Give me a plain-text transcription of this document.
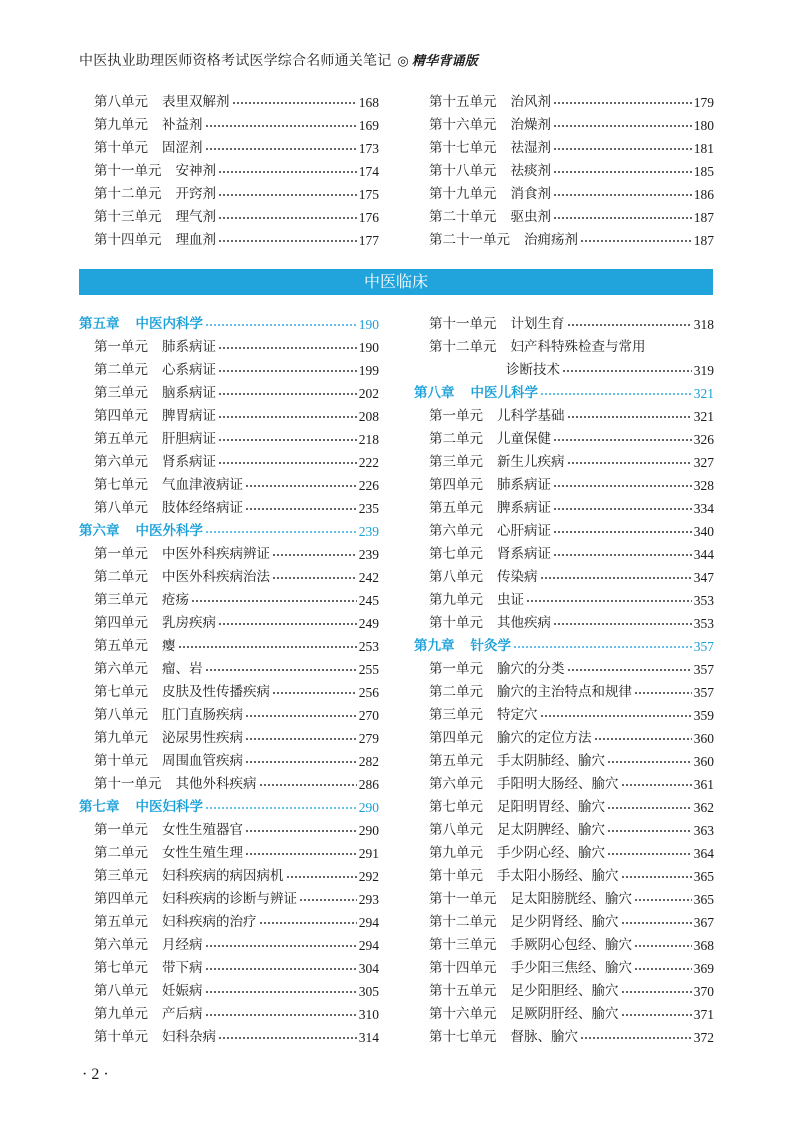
中医执业助理医师资格考试医学综合名师通关笔记 ◎ 精华背诵版
第八单元 表里双解剂	168
第九单元 补益剂	169
第十单元 固涩剂	173
第十一单元 安神剂	174
第十二单元 开窍剂	175
第十三单元 理气剂	176
第十四单元 理血剂	177
第十五单元 治风剂	179
第十六单元 治燥剂	180
第十七单元 祛湿剂	181
第十八单元 祛痰剂	185
第十九单元 消食剂	186
第二十单元 驱虫剂	187
第二十一单元 治痈疡剂	187
中医临床
第五章 中医内科学	190
第一单元 肺系病证	190
第二单元 心系病证	199
第三单元 脑系病证	202
第四单元 脾胃病证	208
第五单元 肝胆病证	218
第六单元 肾系病证	222
第七单元 气血津液病证	226
第八单元 肢体经络病证	235
第六章 中医外科学	239
第一单元 中医外科疾病辨证	239
第二单元 中医外科疾病治法	242
第三单元 疮疡	245
第四单元 乳房疾病	249
第五单元 瘿	253
第六单元 瘤、岩	255
第七单元 皮肤及性传播疾病	256
第八单元 肛门直肠疾病	270
第九单元 泌尿男性疾病	279
第十单元 周围血管疾病	282
第十一单元 其他外科疾病	286
第七章 中医妇科学	290
第一单元 女性生殖器官	290
第二单元 女性生殖生理	291
第三单元 妇科疾病的病因病机	292
第四单元 妇科疾病的诊断与辨证	293
第五单元 妇科疾病的治疗	294
第六单元 月经病	294
第七单元 带下病	304
第八单元 妊娠病	305
第九单元 产后病	310
第十单元 妇科杂病	314
第十一单元 计划生育	318
第十二单元 妇产科特殊检查与常用
诊断技术	319
第八章 中医儿科学	321
第一单元 儿科学基础	321
第二单元 儿童保健	326
第三单元 新生儿疾病	327
第四单元 肺系病证	328
第五单元 脾系病证	334
第六单元 心肝病证	340
第七单元 肾系病证	344
第八单元 传染病	347
第九单元 虫证	353
第十单元 其他疾病	353
第九章 针灸学	357
第一单元 腧穴的分类	357
第二单元 腧穴的主治特点和规律	357
第三单元 特定穴	359
第四单元 腧穴的定位方法	360
第五单元 手太阴肺经、腧穴	360
第六单元 手阳明大肠经、腧穴	361
第七单元 足阳明胃经、腧穴	362
第八单元 足太阴脾经、腧穴	363
第九单元 手少阴心经、腧穴	364
第十单元 手太阳小肠经、腧穴	365
第十一单元 足太阳膀胱经、腧穴	365
第十二单元 足少阴肾经、腧穴	367
第十三单元 手厥阴心包经、腧穴	368
第十四单元 手少阳三焦经、腧穴	369
第十五单元 足少阳胆经、腧穴	370
第十六单元 足厥阴肝经、腧穴	371
第十七单元 督脉、腧穴	372
· 2 ·
